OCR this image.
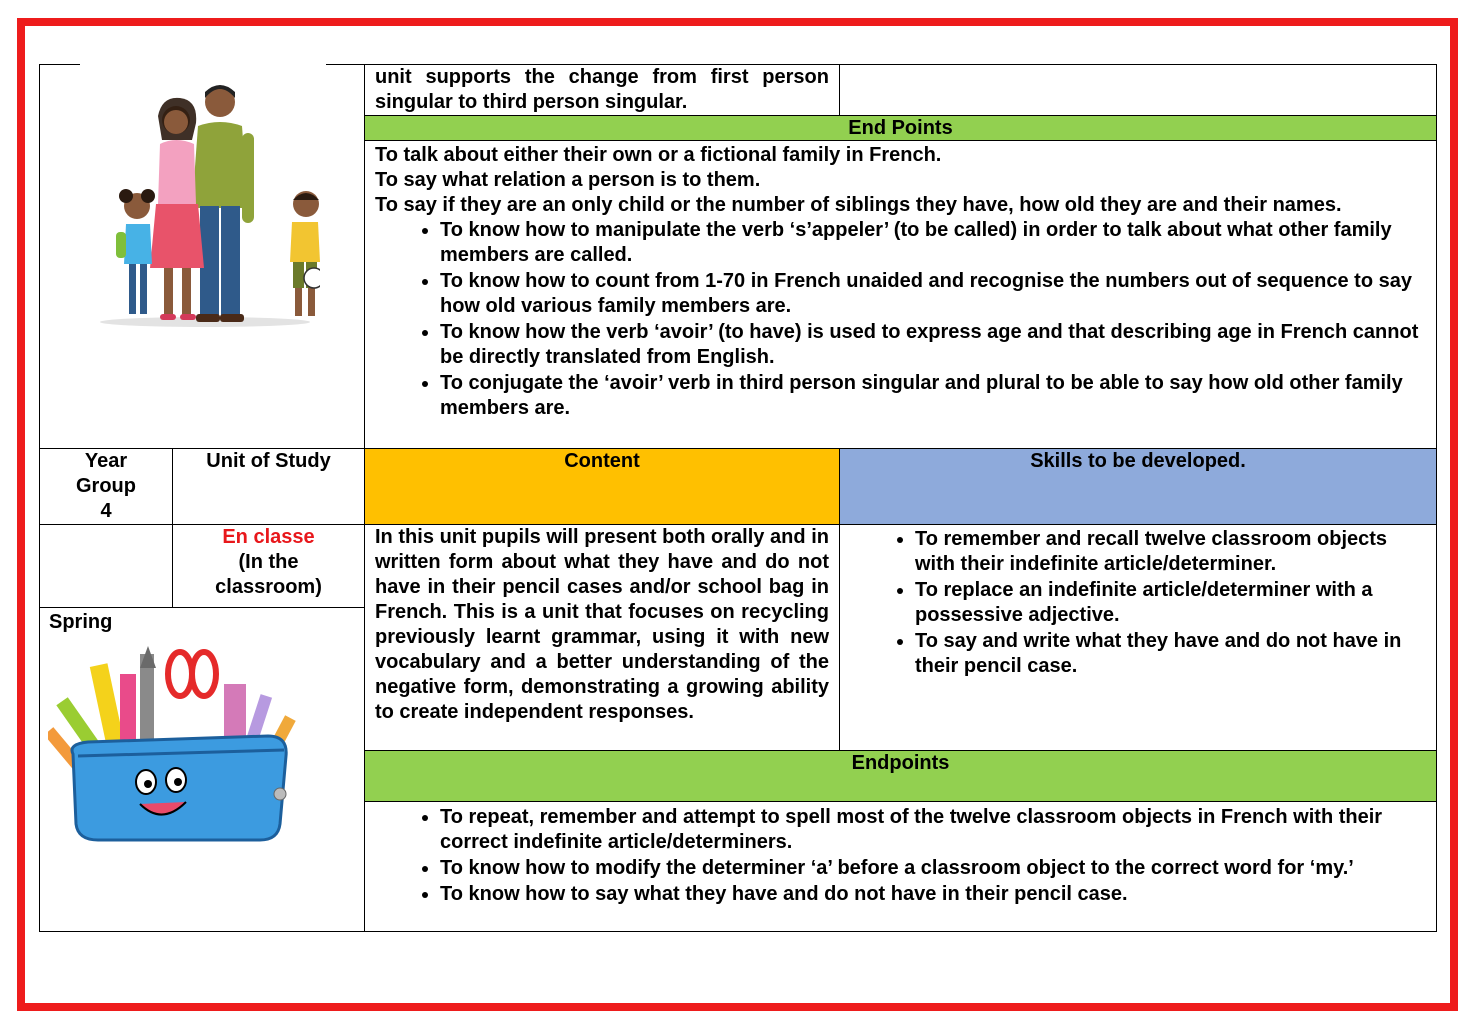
unit supports the change from first person singular to third person singular.
End Points
To talk about either their own or a fictional family in French.
To say what relation a person is to them.
To say if they are an only child or the number of siblings they have, how old they are and their names.
• To know how to manipulate the verb ‘s’appeler’ (to be called) in order to talk about what other family members are called.
• To know how to count from 1-70 in French unaided and recognise the numbers out of sequence to say how old various family members are.
• To know how the verb ‘avoir’ (to have) is used to express age and that describing age in French cannot be directly translated from English.
• To conjugate the ‘avoir’ verb in third person singular and plural to be able to say how old other family members are.
Year Group 4
Unit of Study	Content	Skills to be developed.
En classe
(In the classroom)
In this unit pupils will present both orally and in written form about what they have and do not have in their pencil cases and/or school bag in French. This is a unit that focuses on recycling previously learnt grammar, using it with new vocabulary and a better understanding of the negative form, demonstrating a growing ability to create independent responses.
• To remember and recall twelve classroom objects with their indefinite article/determiner.
• To replace an indefinite article/determiner with a possessive adjective.
• To say and write what they have and do not have in their pencil case.
Spring
Endpoints
• To repeat, remember and attempt to spell most of the twelve classroom objects in French with their correct indefinite article/determiners.
• To know how to modify the determiner ‘a’ before a classroom object to the correct word for ‘my.’
• To know how to say what they have and do not have in their pencil case.
